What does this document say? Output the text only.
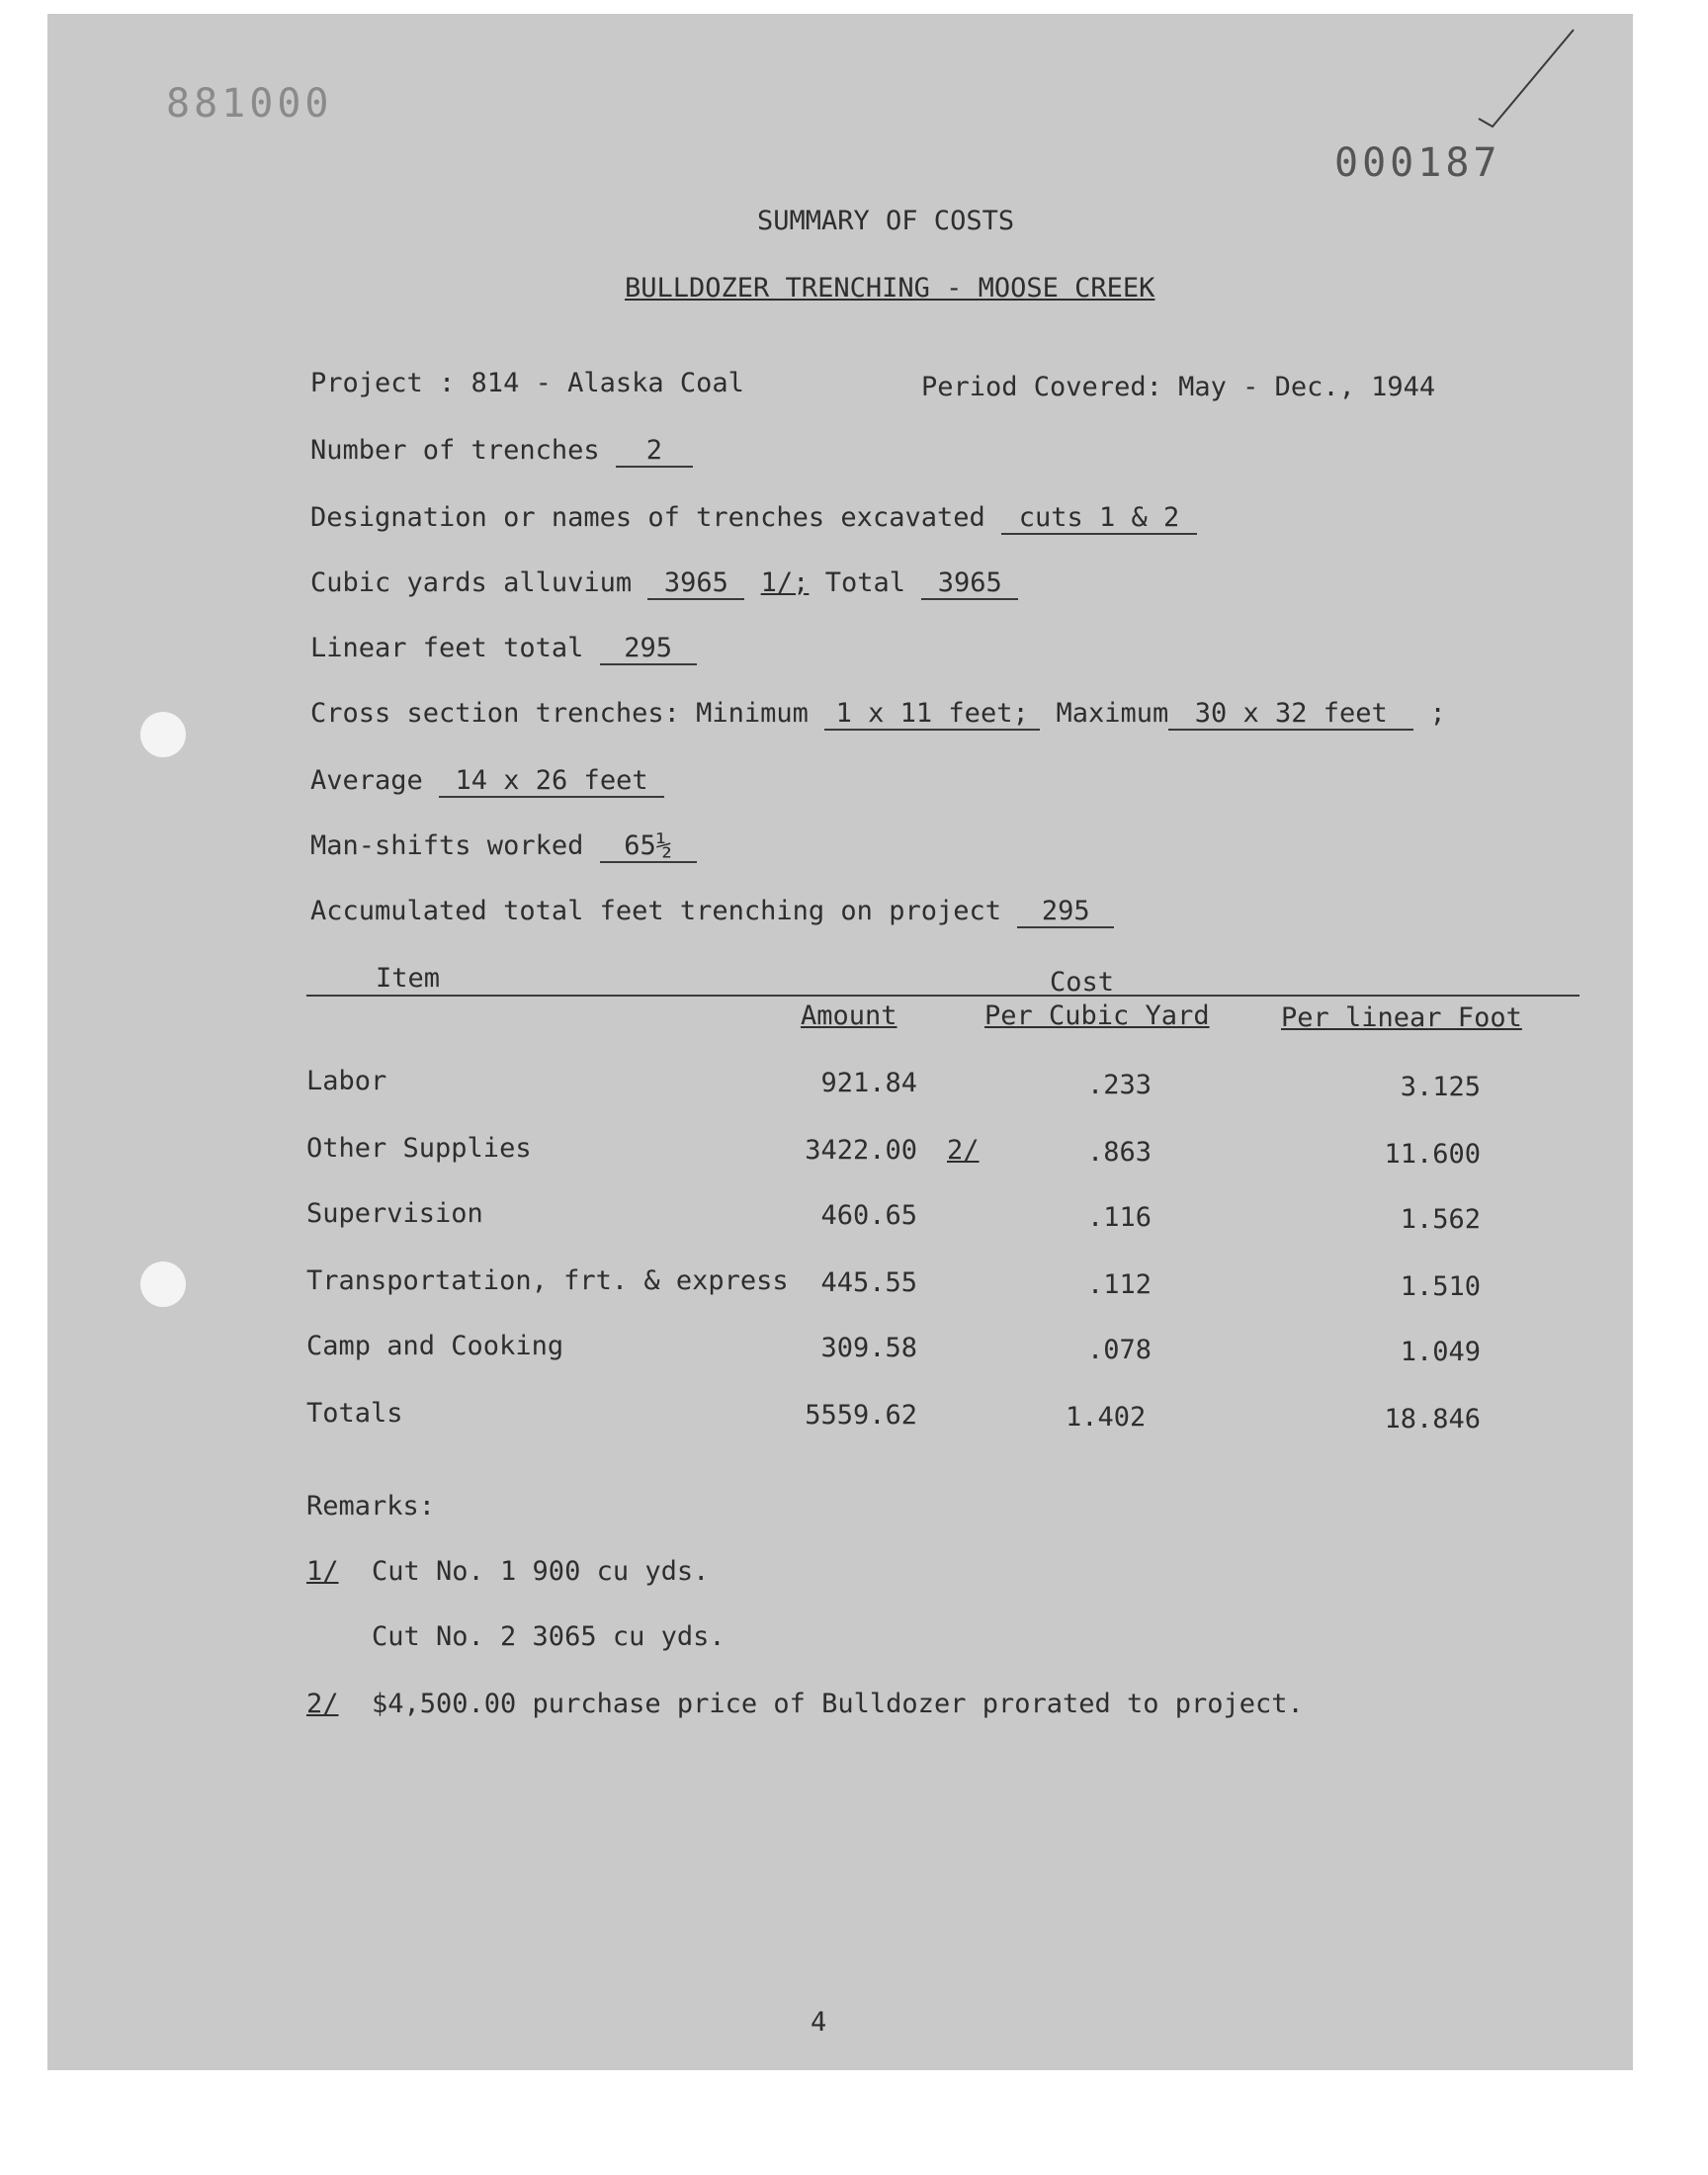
881000
000187
SUMMARY OF COSTS
BULLDOZER TRENCHING - MOOSE CREEK
Project : 814 - Alaska Coal	Period Covered: May - Dec., 1944
Number of trenches 2
Designation or names of trenches excavated cuts 1 & 2
Cubic yards alluvium 3965 1/; Total 3965
Linear feet total 295
Cross section trenches: Minimum 1 x 11 feet; Maximum 30 x 32 feet ;
Average 14 x 26 feet
Man-shifts worked 65½
Accumulated total feet trenching on project 295
Item	Cost
Amount	Per Cubic Yard	Per linear Foot
Labor	921.84	.233	3.125
Other Supplies	3422.00 2/	.863	11.600
Supervision	460.65	.116	1.562
Transportation, frt. & express	445.55	.112	1.510
Camp and Cooking	309.58	.078	1.049
Totals	5559.62	1.402	18.846
Remarks:
1/ Cut No. 1 900 cu yds.
Cut No. 2 3065 cu yds.
2/ $4,500.00 purchase price of Bulldozer prorated to project.
4
